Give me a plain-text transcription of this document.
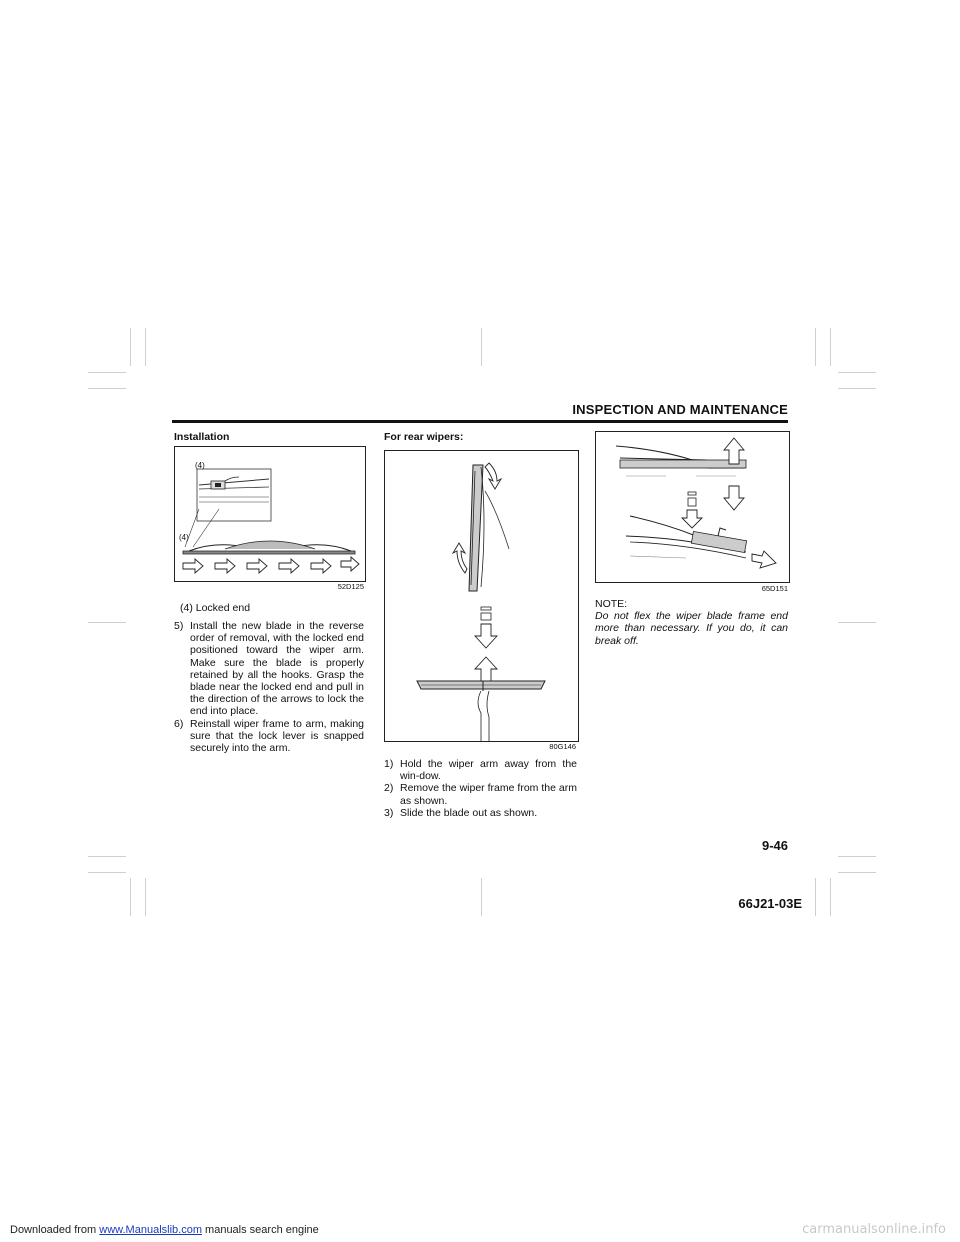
INSPECTION AND MAINTENANCE
Installation
(4)
(4)
52D125
(4) Locked end
5) Install the new blade in the reverse order of removal, with the locked end positioned toward the wiper arm. Make sure the blade is properly retained by all the hooks. Grasp the blade near the locked end and pull in the direction of the arrows to lock the end into place.
6) Reinstall wiper frame to arm, making sure that the lock lever is snapped securely into the arm.
For rear wipers:
80G146
1) Hold the wiper arm away from the win-dow.
2) Remove the wiper frame from the arm as shown.
3) Slide the blade out as shown.
65D151
NOTE:
Do not flex the wiper blade frame end more than necessary. If you do, it can break off.
9-46
66J21-03E
Downloaded from www.Manualslib.com manuals search engine	carmanualsonline.info
